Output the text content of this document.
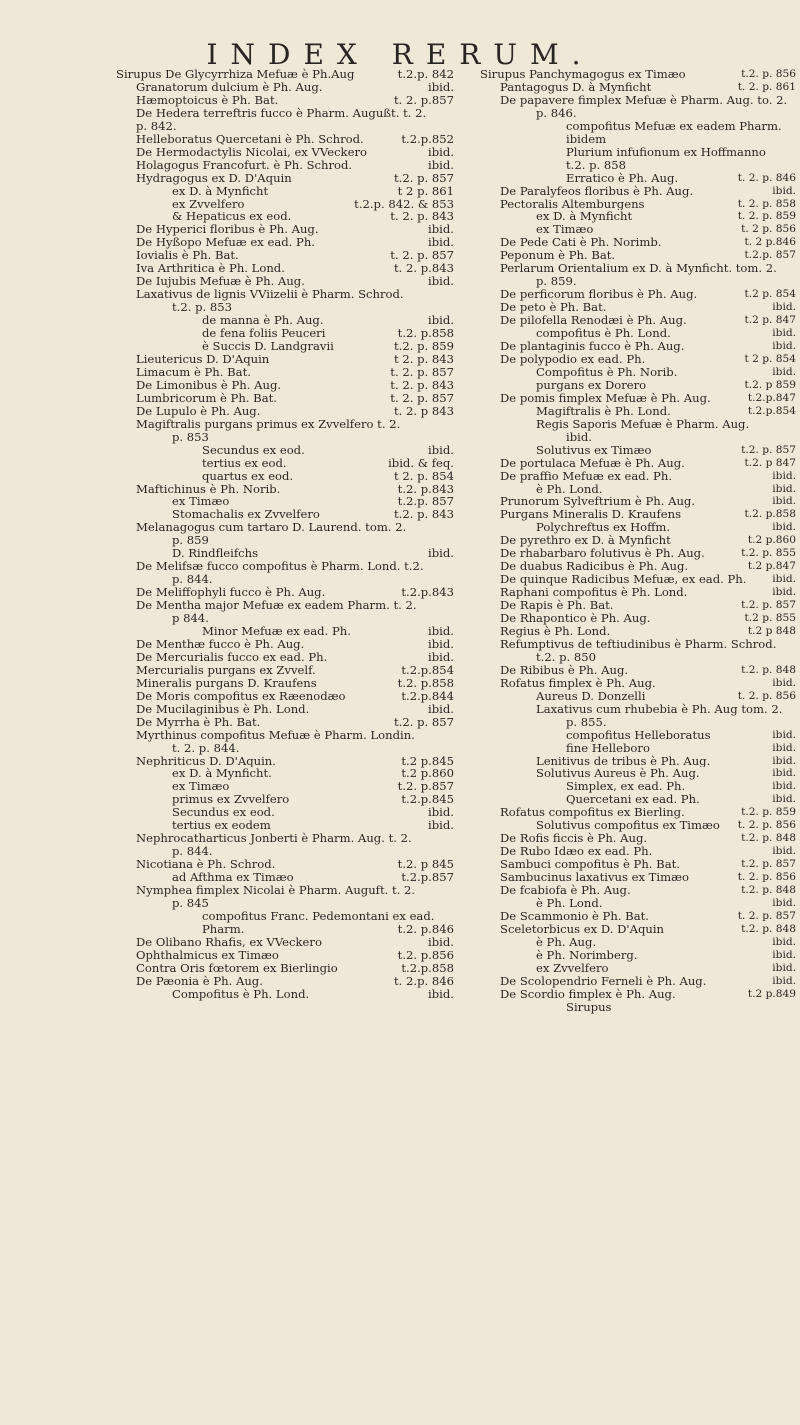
INDEX RERUM.
Sirupus De Glycyrrhiza Mefuæ è Ph.Aug	t.2.p. 842
Granatorum dulcium è Ph. Aug.	ibid.
Hæmoptoicus è Ph. Bat.	t. 2. p.857
De Hedera terreftris fucco è Pharm. Augußt. t. 2.
p. 842.
Helleboratus Quercetani è Ph. Schrod.	t.2.p.852
De Hermodactylis Nicolai, ex VVeckero	ibid.
Holagogus Francofurt. è Ph. Schrod.	ibid.
Hydragogus ex D. D'Aquin	t.2. p. 857
ex D. à Mynficht	t 2 p. 861
ex Zvvelfero	t.2.p. 842. & 853
& Hepaticus ex eod.	t. 2. p. 843
De Hyperici floribus è Ph. Aug.	ibid.
De Hyßopo Mefuæ ex ead. Ph.	ibid.
Iovialis è Ph. Bat.	t. 2. p. 857
Iva Arthritica è Ph. Lond.	t. 2. p.843
De Iujubis Mefuæ è Ph. Aug.	ibid.
Laxativus de lignis VViizelii è Pharm. Schrod.
t.2. p. 853
de manna è Ph. Aug.	ibid.
de fena foliis Peuceri	t.2. p.858
è Succis D. Landgravii	t.2. p. 859
Lieutericus D. D'Aquin	t 2. p. 843
Limacum è Ph. Bat.	t. 2. p. 857
De Limonibus è Ph. Aug.	t. 2. p. 843
Lumbricorum è Ph. Bat.	t. 2. p. 857
De Lupulo è Ph. Aug.	t. 2. p 843
Magiftralis purgans primus ex Zvvelfero t. 2.
p. 853
Secundus ex eod.	ibid.
tertius ex eod.	ibid. & feq.
quartus ex eod.	t 2. p. 854
Maftichinus è Ph. Norib.	t.2. p.843
ex Timæo	t.2.p. 857
Stomachalis ex Zvvelfero	t.2. p. 843
Melanagogus cum tartaro D. Laurend. tom. 2.
p. 859
D. Rindfleifchs	ibid.
De Melifsæ fucco compofitus è Pharm. Lond. t.2.
p. 844.
De Meliffophyli fucco è Ph. Aug.	t.2.p.843
De Mentha major Mefuæ ex eadem Pharm. t. 2.
p 844.
Minor Mefuæ ex ead. Ph.	ibid.
De Menthæ fucco è Ph. Aug.	ibid.
De Mercurialis fucco ex ead. Ph.	ibid.
Mercurialis purgans ex Zvvelf.	t.2.p.854
Mineralis purgans D. Kraufens	t.2. p.858
De Moris compofitus ex Ræenodæo	t.2.p.844
De Mucilaginibus è Ph. Lond.	ibid.
De Myrrha è Ph. Bat.	t.2. p. 857
Myrthinus compofitus Mefuæ è Pharm. Londin.
t. 2. p. 844.
Nephriticus D. D'Aquin.	t.2 p.845
ex D. à Mynficht.	t.2 p.860
ex Timæo	t.2. p.857
primus ex Zvvelfero	t.2.p.845
Secundus ex eod.	ibid.
tertius ex eodem	ibid.
Nephrocatharticus Jonberti è Pharm. Aug. t. 2.
p. 844.
Nicotiana è Ph. Schrod.	t.2. p 845
ad Afthma ex Timæo	t.2.p.857
Nymphea fimplex Nicolai è Pharm. Auguft. t. 2.
p. 845
compofitus Franc. Pedemontani ex ead.
Pharm.	t.2. p.846
De Olibano Rhafis, ex VVeckero	ibid.
Ophthalmicus ex Timæo	t.2. p.856
Contra Oris fœtorem ex Bierlingio	t.2.p.858
De Pæonia è Ph. Aug.	t. 2.p. 846
Compofitus è Ph. Lond.	ibid.
Sirupus Panchymagogus ex Timæo	t.2. p. 856
Pantagogus D. à Mynficht	t. 2. p. 861
De papavere fimplex Mefuæ è Pharm. Aug. to. 2.
p. 846.
compofitus Mefuæ ex eadem Pharm.
ibidem
Plurium infufionum ex Hoffmanno
t.2. p. 858
Erratico è Ph. Aug.	t. 2. p. 846
De Paralyfeos floribus è Ph. Aug.	ibid.
Pectoralis Altemburgens	t. 2. p. 858
ex D. à Mynficht	t. 2. p. 859
ex Timæo	t. 2 p. 856
De Pede Cati è Ph. Norimb.	t. 2 p.846
Peponum è Ph. Bat.	t.2.p. 857
Perlarum Orientalium ex D. à Mynficht. tom. 2.
p. 859.
De perficorum floribus è Ph. Aug.	t.2 p. 854
De peto è Ph. Bat.	ibid.
De pilofella Renodæi è Ph. Aug.	t.2 p. 847
compofitus è Ph. Lond.	ibid.
De plantaginis fucco è Ph. Aug.	ibid.
De polypodio ex ead. Ph.	t 2 p. 854
Compofitus è Ph. Norib.	ibid.
purgans ex Dorero	t.2. p 859
De pomis fimplex Mefuæ è Ph. Aug.	t.2.p.847
Magiftralis è Ph. Lond.	t.2.p.854
Regis Saporis Mefuæ è Pharm. Aug.
ibid.
Solutivus ex Timæo	t.2. p. 857
De portulaca Mefuæ è Ph. Aug.	t.2. p 847
De praffio Mefuæ ex ead. Ph.	ibid.
è Ph. Lond.	ibid.
Prunorum Sylveftrium è Ph. Aug.	ibid.
Purgans Mineralis D. Kraufens	t.2. p.858
Polychreftus ex Hoffm.	ibid.
De pyrethro ex D. à Mynficht	t.2 p.860
De rhabarbaro folutivus è Ph. Aug.	t.2. p. 855
De duabus Radicibus è Ph. Aug.	t.2 p.847
De quinque Radicibus Mefuæ, ex ead. Ph.	ibid.
Raphani compofitus è Ph. Lond.	ibid.
De Rapis è Ph. Bat.	t.2. p. 857
De Rhapontico è Ph. Aug.	t.2 p. 855
Regius è Ph. Lond.	t.2 p 848
Refumptivus de teftiudinibus è Pharm. Schrod.
t.2. p. 850
De Ribibus è Ph. Aug.	t.2. p. 848
Rofatus fimplex è Ph. Aug.	ibid.
Aureus D. Donzelli	t. 2. p. 856
Laxativus cum rhubebia è Ph. Aug tom. 2.
p. 855.
compofitus Helleboratus	ibid.
fine Helleboro	ibid.
Lenitivus de tribus è Ph. Aug.	ibid.
Solutivus Aureus è Ph. Aug.	ibid.
Simplex, ex ead. Ph.	ibid.
Quercetani ex ead. Ph.	ibid.
Rofatus compofitus ex Bierling.	t.2. p. 859
Solutivus compofitus ex Timæo	t. 2. p. 856
De Rofis ficcis è Ph. Aug.	t.2. p. 848
De Rubo Idæo ex ead. Ph.	ibid.
Sambuci compofitus è Ph. Bat.	t.2. p. 857
Sambucinus laxativus ex Timæo	t. 2. p. 856
De fcabiofa è Ph. Aug.	t.2. p. 848
è Ph. Lond.	ibid.
De Scammonio è Ph. Bat.	t. 2. p. 857
Sceletorbicus ex D. D'Aquin	t.2. p. 848
è Ph. Aug.	ibid.
è Ph. Norimberg.	ibid.
ex Zvvelfero	ibid.
De Scolopendrio Ferneli è Ph. Aug.	ibid.
De Scordio fimplex è Ph. Aug.	t.2 p.849
Sirupus
